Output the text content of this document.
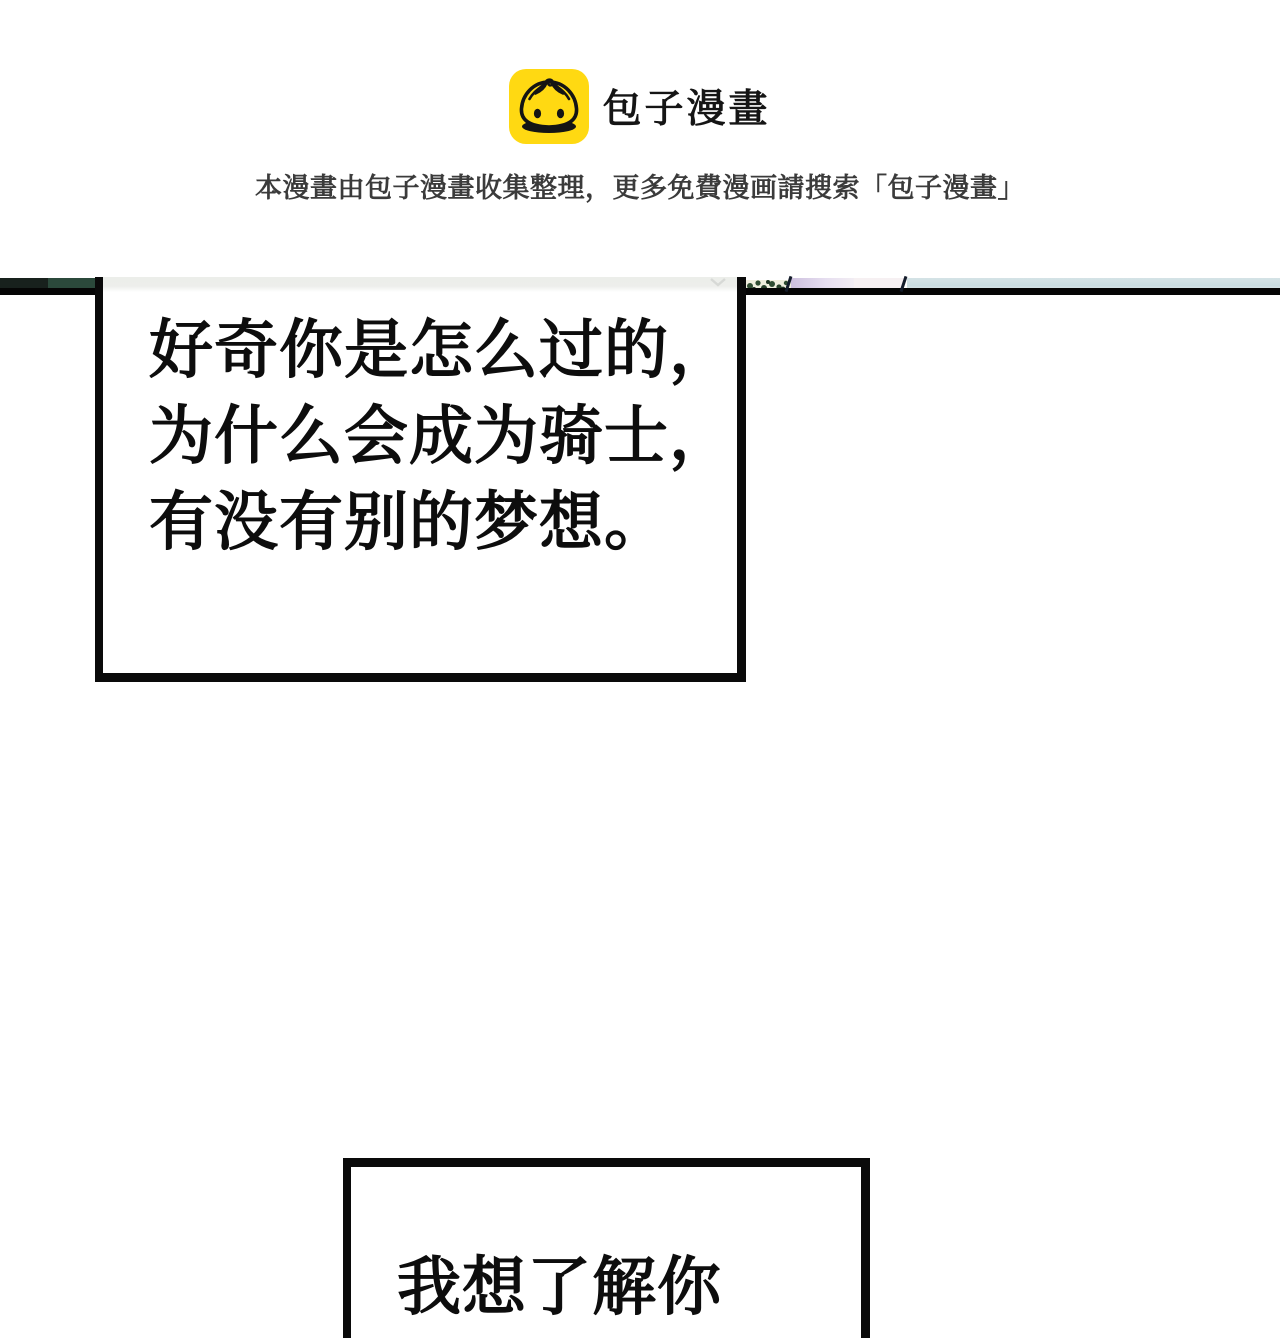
包子漫畫
本漫畫由包子漫畫收集整理，更多免費漫画請搜索「包子漫畫」
好奇你是怎么过的，
为什么会成为骑士，
有没有别的梦想。
我想了解你
